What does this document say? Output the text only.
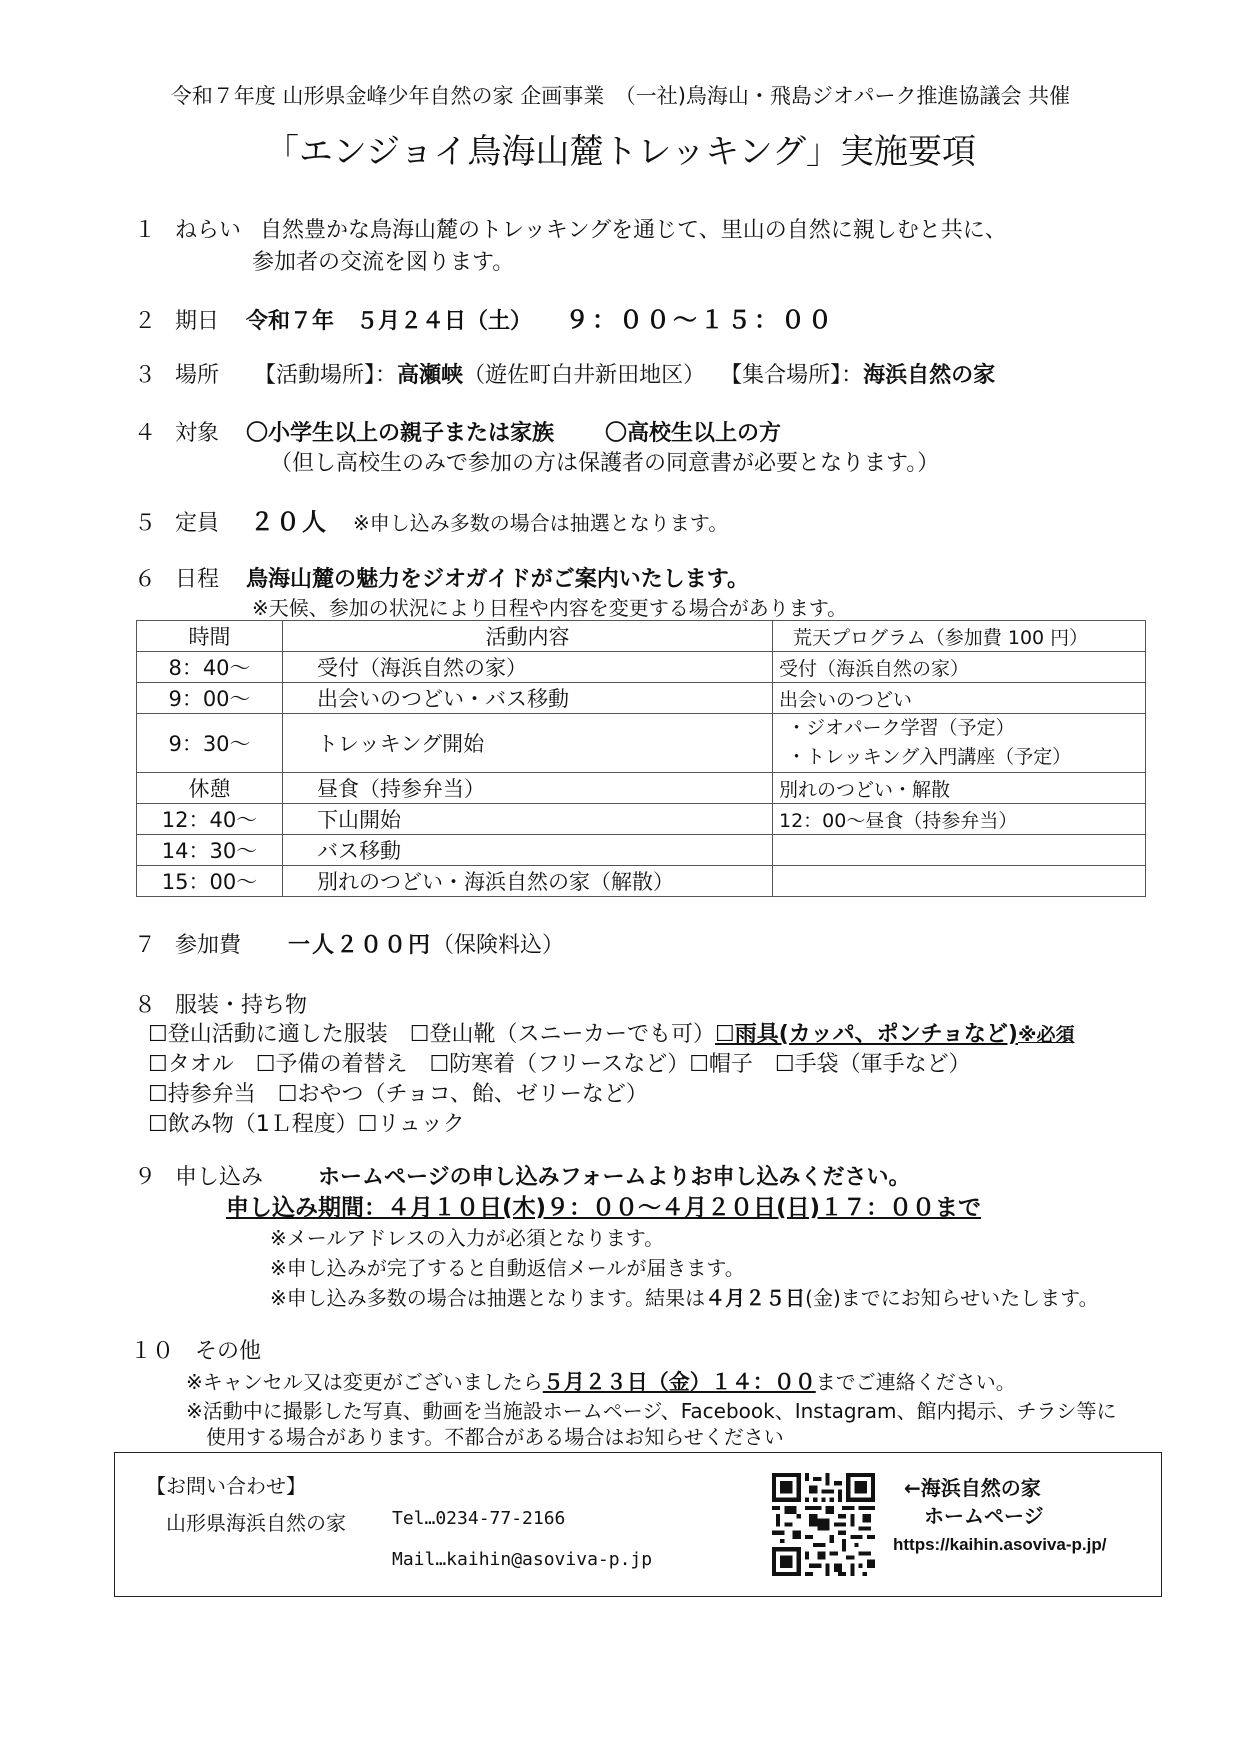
令和７年度 山形県金峰少年自然の家 企画事業　（一社)鳥海山・飛島ジオパーク推進協議会 共催
「エンジョイ鳥海山麓トレッキング」実施要項
１ ねらい 自然豊かな鳥海山麓のトレッキングを通じて、里山の自然に親しむと共に、
参加者の交流を図ります。
２ 期日 令和７年　５月２４日（土） ９：００～１５：００
３ 場所 【活動場所】：高瀬峡（遊佐町白井新田地区） 【集合場所】：海浜自然の家
４ 対象 〇小学生以上の親子または家族 〇高校生以上の方
（但し高校生のみで参加の方は保護者の同意書が必要となります。）
５ 定員 ２０人 ※申し込み多数の場合は抽選となります。
６ 日程 鳥海山麓の魅力をジオガイドがご案内いたします。
※天候、参加の状況により日程や内容を変更する場合があります。
時間	活動内容	荒天プログラム（参加費 100 円）
8：40～	受付（海浜自然の家）	受付（海浜自然の家）
9：00～	出会いのつどい・バス移動	出会いのつどい
9：30～	トレッキング開始	・ジオパーク学習（予定）
・トレッキング入門講座（予定）

休憩	昼食（持参弁当）	別れのつどい・解散
12：40～	下山開始	12：00～昼食（持参弁当）
14：30～	バス移動	
15：00～	別れのつどい・海浜自然の家（解散）	
７ 参加費 一人２００円（保険料込）
８ 服装・持ち物
☐登山活動に適した服装　☐登山靴（スニーカーでも可）☐雨具(カッパ、ポンチョなど)※必須
☐タオル　☐予備の着替え　☐防寒着（フリースなど）☐帽子　☐手袋（軍手など）
☐持参弁当　☐おやつ（チョコ、飴、ゼリーなど）
☐飲み物（1Ｌ程度）☐リュック
９ 申し込み	ホームページの申し込みフォームよりお申し込みください。
申し込み期間：４月１０日(木)９：００～４月２０日(日)１７：００まで
※メールアドレスの入力が必須となります。
※申し込みが完了すると自動返信メールが届きます。
※申し込み多数の場合は抽選となります。結果は４月２５日(金)までにお知らせいたします。
１０ その他
※キャンセル又は変更がございましたら５月２３日（金）１４：００までご連絡ください。
※活動中に撮影した写真、動画を当施設ホームページ、Facebook、Instagram、館内掲示、チラシ等に
使用する場合があります。不都合がある場合はお知らせください
【お問い合わせ】
山形県海浜自然の家	Tel…0234-77-2166
Mail…kaihin@asoviva-p.jp
←海浜自然の家
ホームページ
https://kaihin.asoviva-p.jp/
